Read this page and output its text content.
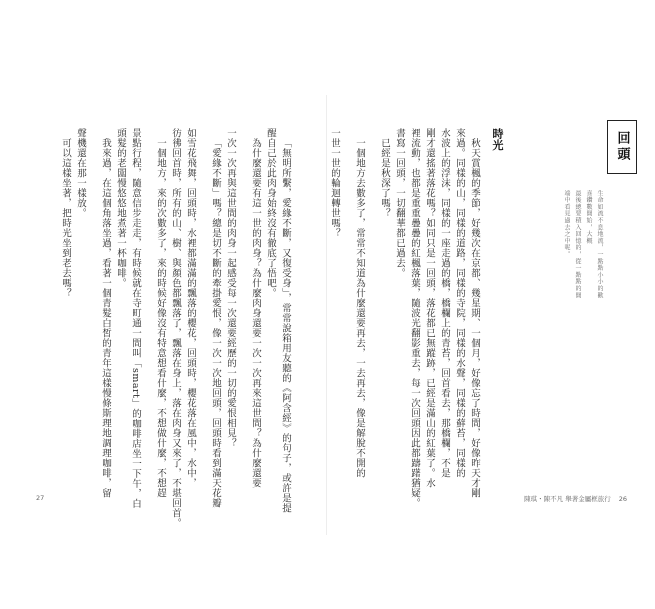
回頭

生命如流不息地流，一點點小小的歡喜鑽數開始，大概

最後總要積入回憶的，從一點點的開端中看見過去之中呢。

時光

秋天賞楓的季節，好幾次在京都、幾星期、一個月，好像忘了時間，好像昨天才剛

來過。同樣的山，同樣的道路，同樣的寺院，同樣的水聲，同樣的蘚苔，同樣的

水波上的浮沫，同樣的一座走過的橋，橋欄上的青苔，回首看去，那橋欄，不是

剛才還搖著落花嗎？如同只是一回頭，落花都已無蹤跡，已經是滿山的紅葉了。水

裡流動，也都是重重疊疊的紅楓落葉，隨波光翻影重去，每一次回頭因此都躊躇猶疑。

書寫一回頭，一切翻華都已過去。

已經是秋深了嗎？

一個地方去數多了，常常不知道為什麼還要再去，一去再去，像是解脫不開的

一世一世的輪迴轉世嗎？

「無明所繫，愛緣不斷，又復受身」，常常說箱用友聽的《阿含經》的句子，或許是提

醒自己於此肉身始終沒有徹底了悟吧。

為什麼還要有這一世的肉身？為什麼肉身還要一次一次再來這世間？為什麼還要

一次一次再與這世間的肉身一起感受每一次還要經歷的一切的愛恨相見？

「愛緣不斷」嗎？總是切不斷的牽掛愛恨，像一次一次地回頭，回頭時看到滿天花瓣

如雪花飛舞，回頭時，水裡都滿滿的飄落的櫻花，回頭時，櫻花落在風中，水中，

彷彿回首時，所有的山、樹、與顏色都飄落了，飄落在身上，落在肉身又來了，不堪回首。

一個地方，來的次數多了，來的時候好像沒有特意想看什麼，不想做什麼，不想趕

景點行程，隨意信步走走，有時候就在寺町通一間叫「smart」的咖啡店坐一下午，白

頭髮的老闆慢悠悠地煮著一杯咖啡。

我來過，在這個角落坐過，看著一個青髮白皙的青年這樣慢條斯理地調理咖啡，留

聲機還在那一樣放。

可以這樣坐著，把時光坐到老去嗎？

27	陳琪・陳不凡 舉著金屬框旅行 26
